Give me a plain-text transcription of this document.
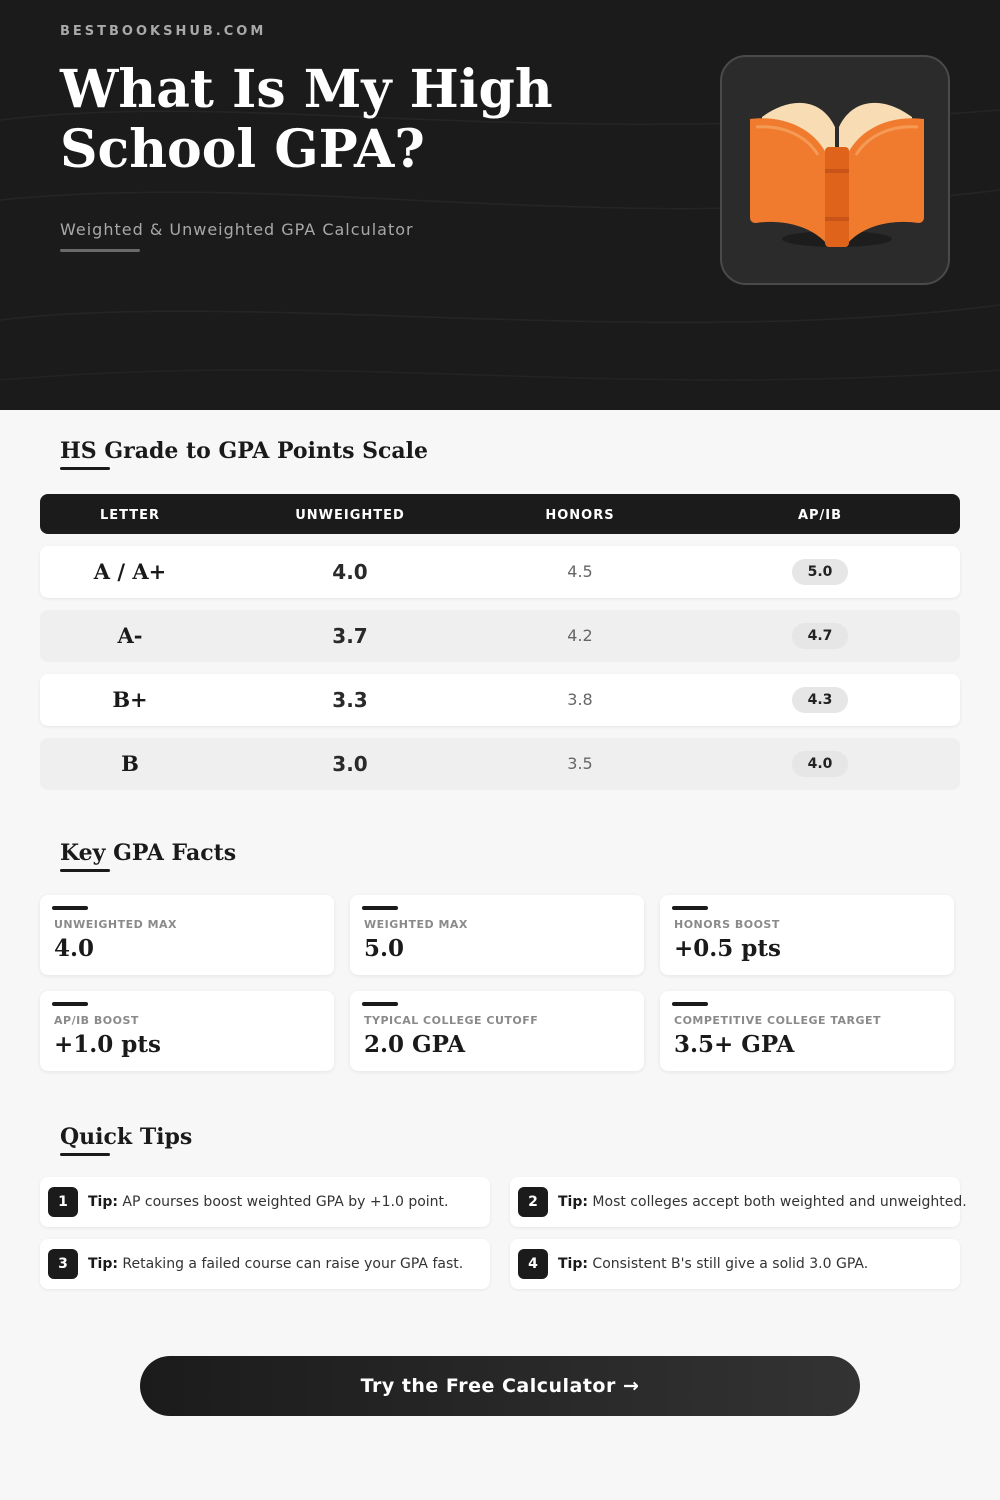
BESTBOOKSHUB.COM
What Is My High School GPA?
Weighted & Unweighted GPA Calculator
HS Grade to GPA Points Scale
LETTER	UNWEIGHTED	HONORS	AP/IB
A / A+	4.0	4.5	5.0
A-	3.7	4.2	4.7
B+	3.3	3.8	4.3
B	3.0	3.5	4.0
Key GPA Facts
UNWEIGHTED MAX
4.0
WEIGHTED MAX
5.0
HONORS BOOST
+0.5 pts
AP/IB BOOST
+1.0 pts
TYPICAL COLLEGE CUTOFF
2.0 GPA
COMPETITIVE COLLEGE TARGET
3.5+ GPA
Quick Tips
1	Tip: AP courses boost weighted GPA by +1.0 point.	2	Tip: Most colleges accept both weighted and unweighted.
3	Tip: Retaking a failed course can raise your GPA fast.	4	Tip: Consistent B's still give a solid 3.0 GPA.
Try the Free Calculator →
